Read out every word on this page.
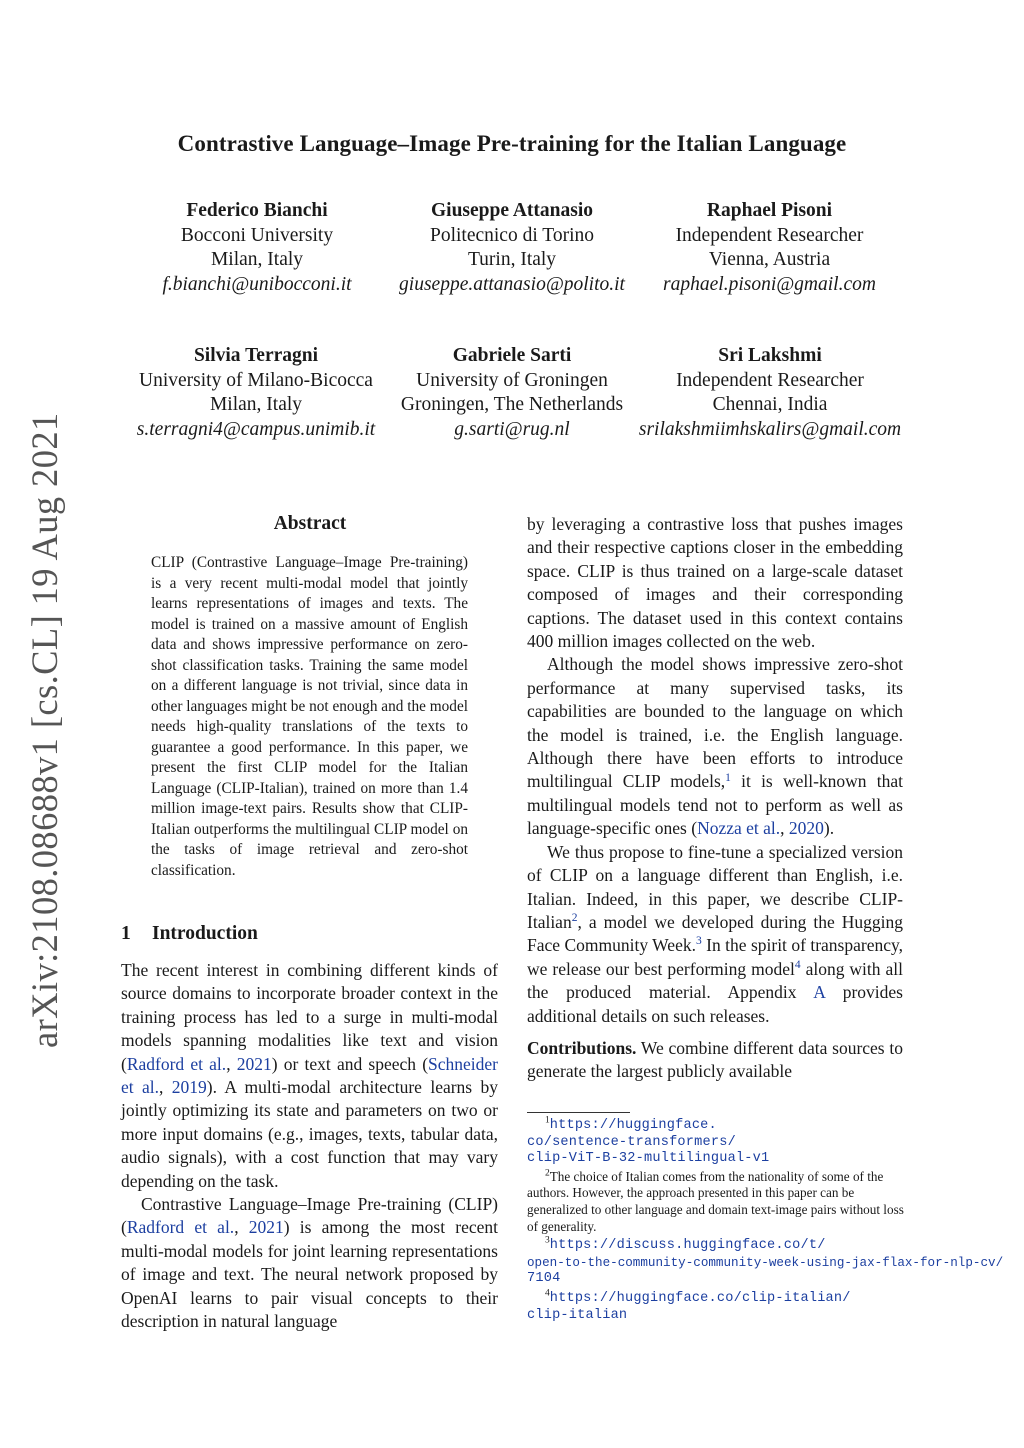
Contrastive Language–Image Pre-training for the Italian Language
Federico Bianchi
Bocconi University
Milan, Italy
f.bianchi@unibocconi.it
Giuseppe Attanasio
Politecnico di Torino
Turin, Italy
giuseppe.attanasio@polito.it
Raphael Pisoni
Independent Researcher
Vienna, Austria
raphael.pisoni@gmail.com
Silvia Terragni
University of Milano-Bicocca
Milan, Italy
s.terragni4@campus.unimib.it
Gabriele Sarti
University of Groningen
Groningen, The Netherlands
g.sarti@rug.nl
Sri Lakshmi
Independent Researcher
Chennai, India
srilakshmiimhskalirs@gmail.com
arXiv:2108.08688v1 [cs.CL] 19 Aug 2021	Abstract
CLIP (Contrastive Language–Image Pre-training) is a very recent multi-modal model that jointly learns representations of images and texts. The model is trained on a massive amount of English data and shows impressive performance on zero-shot classification tasks. Training the same model on a different language is not trivial, since data in other languages might be not enough and the model needs high-quality translations of the texts to guarantee a good performance. In this paper, we present the first CLIP model for the Italian Language (CLIP-Italian), trained on more than 1.4 million image-text pairs. Results show that CLIP-Italian outperforms the multilingual CLIP model on the tasks of image retrieval and zero-shot classification.
1 Introduction

The recent interest in combining different kinds of source domains to incorporate broader context in the training process has led to a surge in multi-modal models spanning modalities like text and vision (Radford et al., 2021) or text and speech (Schneider et al., 2019). A multi-modal architecture learns by jointly optimizing its state and parameters on two or more input domains (e.g., images, texts, tabular data, audio signals), with a cost function that may vary depending on the task.

Contrastive Language–Image Pre-training (CLIP) (Radford et al., 2021) is among the most recent multi-modal models for joint learning representations of image and text. The neural network proposed by OpenAI learns to pair visual concepts to their description in natural language

by leveraging a contrastive loss that pushes images and their respective captions closer in the embedding space. CLIP is thus trained on a large-scale dataset composed of images and their corresponding captions. The dataset used in this context contains 400 million images collected on the web.

Although the model shows impressive zero-shot performance at many supervised tasks, its capabilities are bounded to the language on which the model is trained, i.e. the English language. Although there have been efforts to introduce multilingual CLIP models,$^1$ it is well-known that multilingual models tend not to perform as well as language-specific ones (Nozza et al., 2020).

We thus propose to fine-tune a specialized version of CLIP on a language different than English, i.e. Italian. Indeed, in this paper, we describe CLIP-Italian$^2$, a model we developed during the Hugging Face Community Week.$^3$ In the spirit of transparency, we release our best performing model$^4$ along with all the produced material. Appendix A provides additional details on such releases.

Contributions. We combine different data sources to generate the largest publicly available

$^1$https://huggingface.
co/sentence-transformers/
clip-ViT-B-32-multilingual-v1
$^2$The choice of Italian comes from the nationality of some of the authors. However, the approach presented in this paper can be generalized to other language and domain text-image pairs without loss of generality.
$^3$https://discuss.huggingface.co/t/
open-to-the-community-community-week-using-jax-flax-for-nlp-cv/
7104
$^4$https://huggingface.co/clip-italian/
clip-italian
